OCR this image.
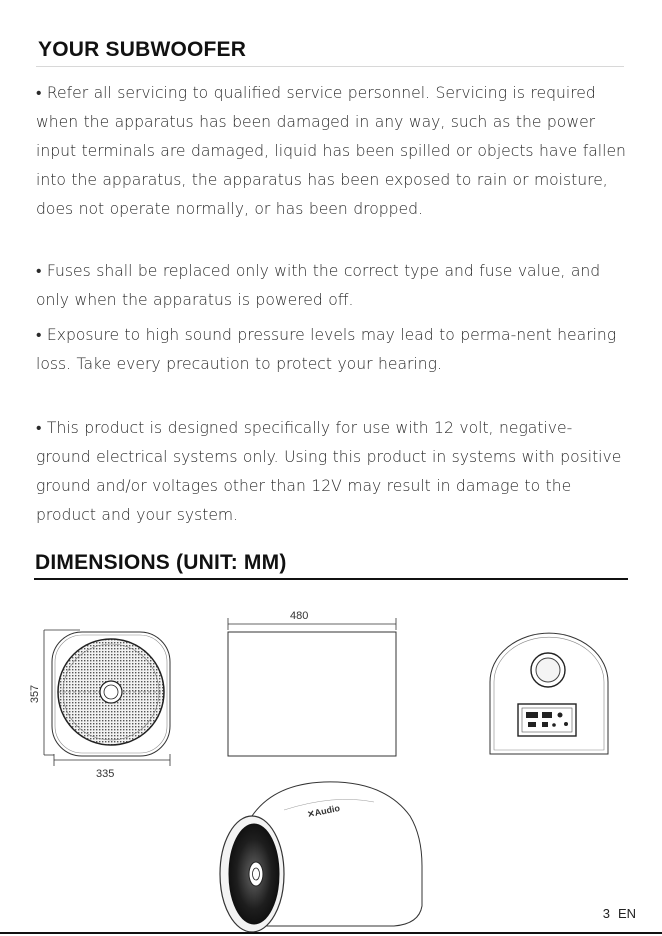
YOUR SUBWOOFER

• Refer all servicing to qualified service personnel. Servicing is required when the apparatus has been damaged in any way, such as the power input terminals are damaged, liquid has been spilled or objects have fallen into the apparatus, the apparatus has been exposed to rain or moisture, does not operate normally, or has been dropped.

• Fuses shall be replaced only with the correct type and fuse value, and only when the apparatus is powered off.

• Exposure to high sound pressure levels may lead to perma-nent hearing loss. Take every precaution to protect your hearing.

• This product is designed specifically for use with 12 volt, negative- ground electrical systems only. Using this product in systems with positive ground and/or voltages other than 12V may result in damage to the product and your system.

DIMENSIONS (UNIT: MM)
357
335
480
✕Audio
3 EN
